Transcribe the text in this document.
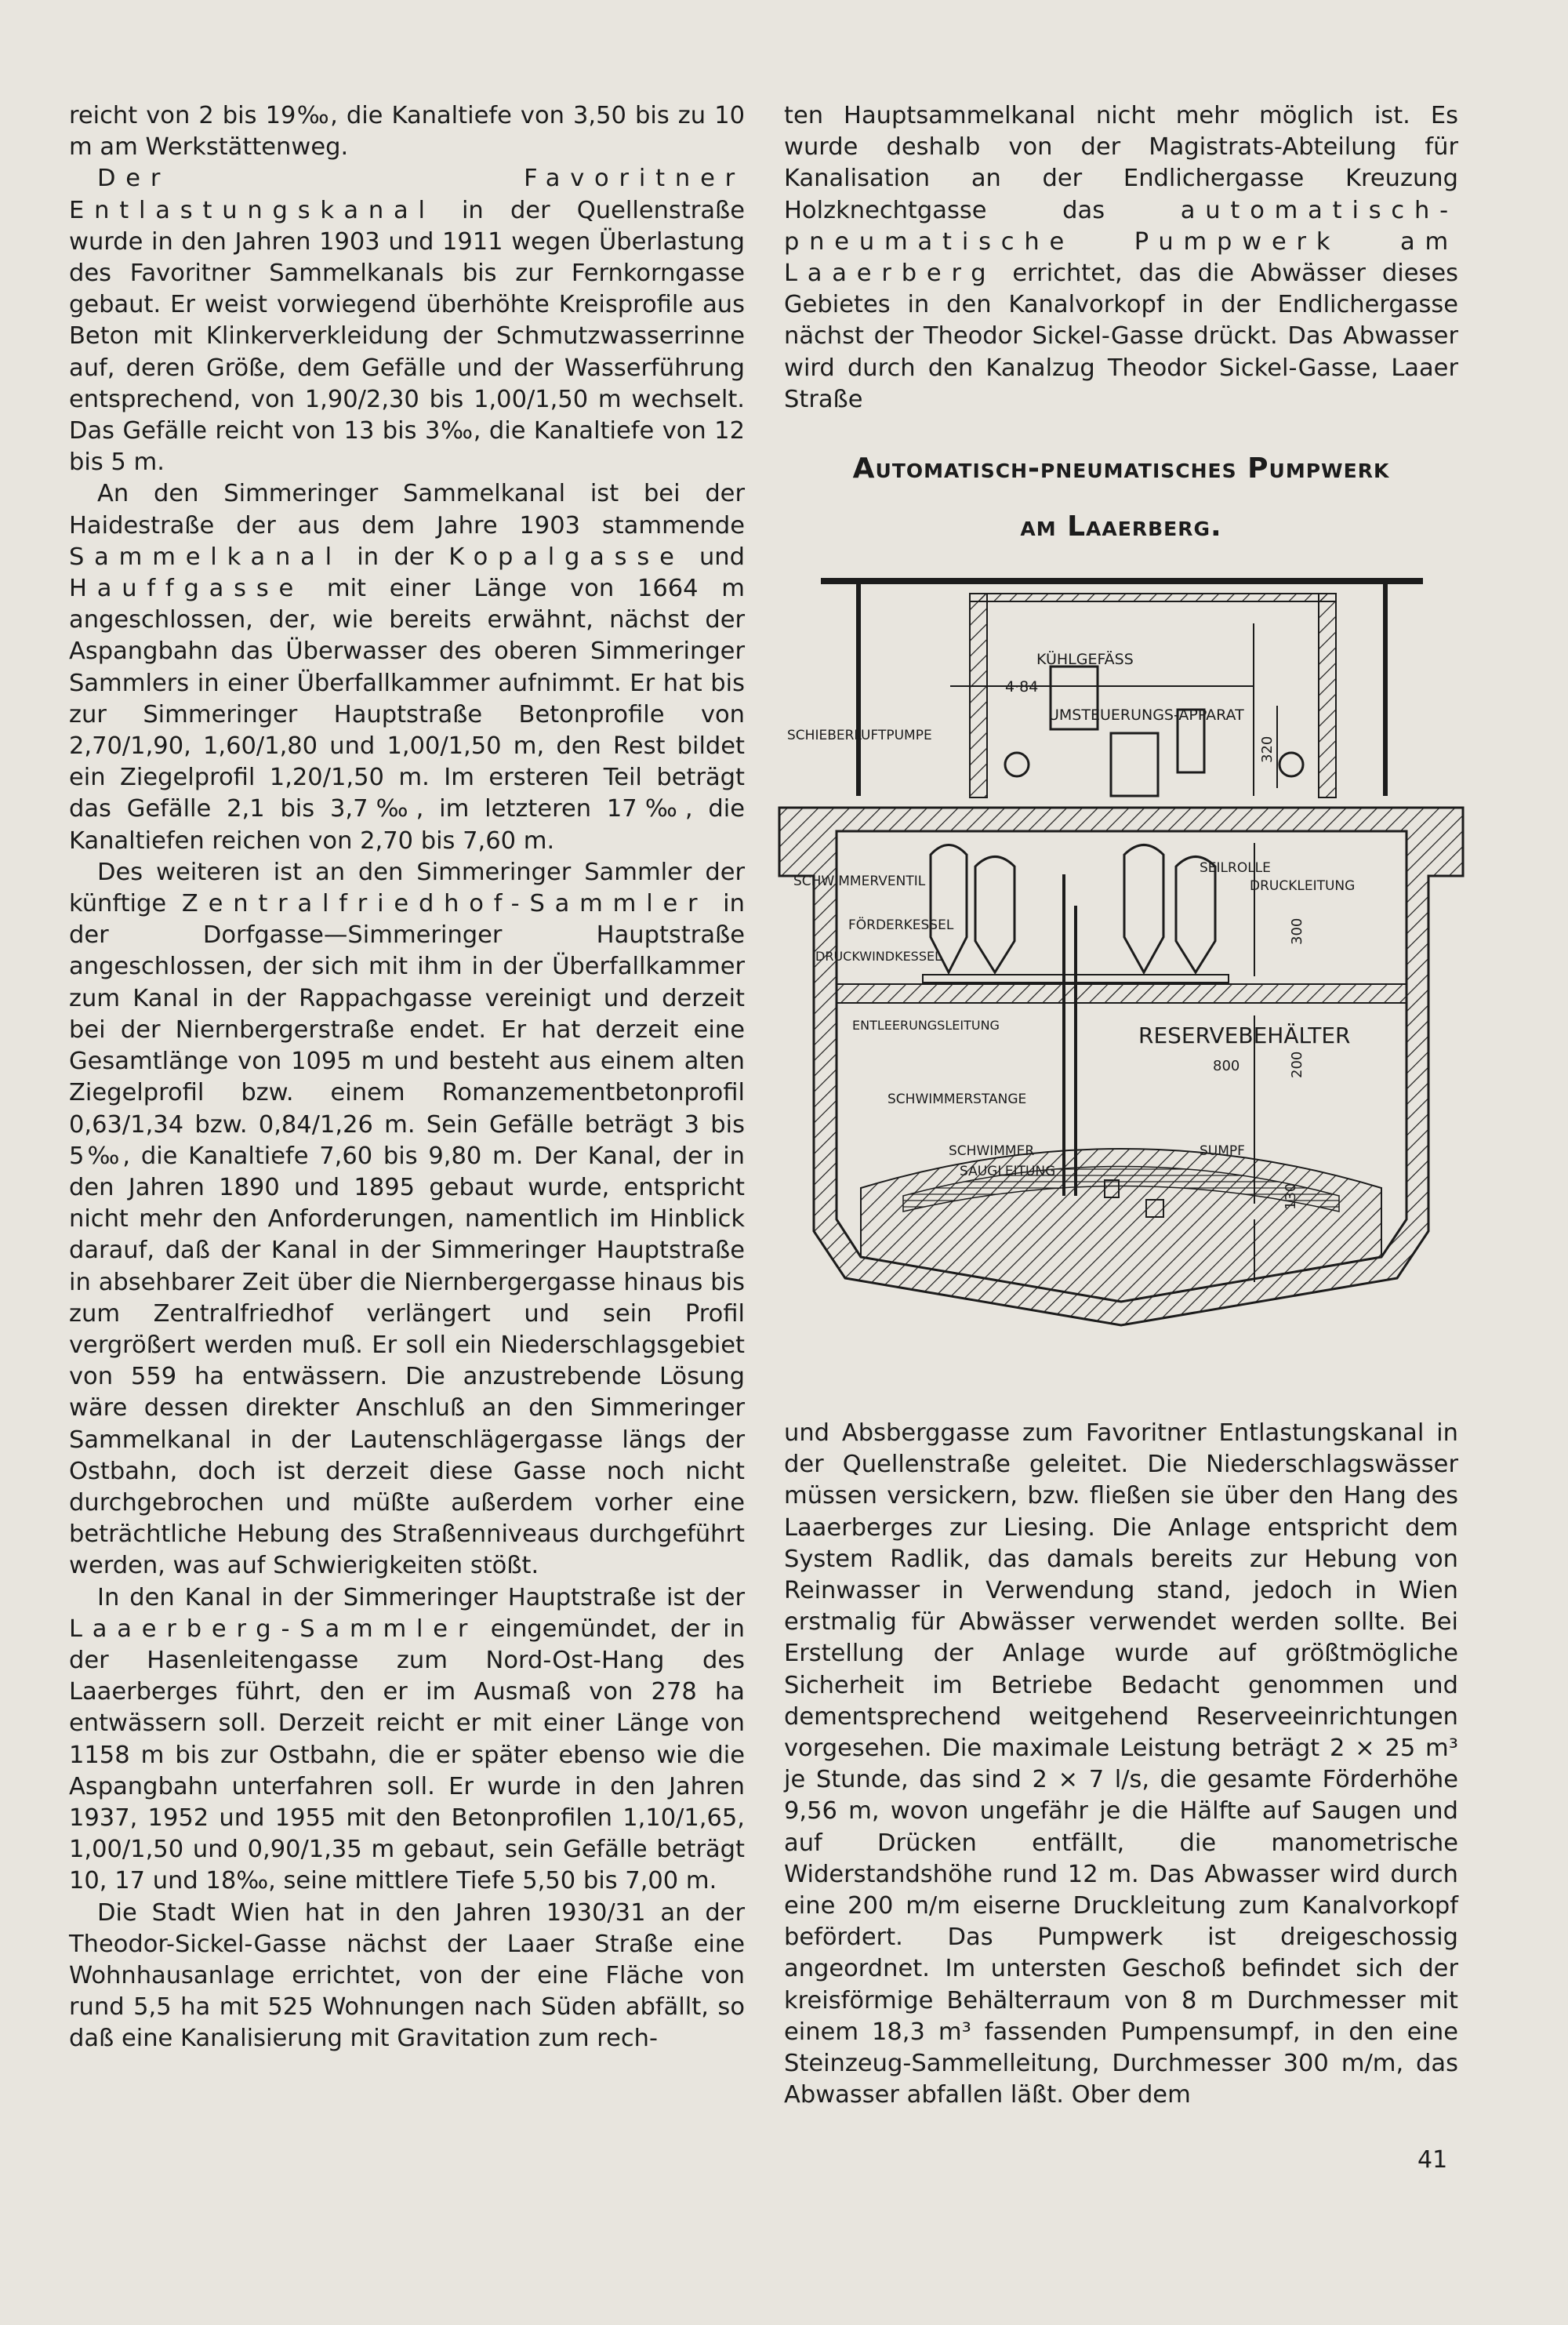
reicht von 2 bis 19‰, die Kanaltiefe von 3,50 bis zu 10 m am Werkstättenweg.

Der Favoritner Entlastungskanal in der Quellenstraße wurde in den Jahren 1903 und 1911 wegen Überlastung des Favoritner Sammelkanals bis zur Fernkorngasse gebaut. Er weist vorwiegend überhöhte Kreisprofile aus Beton mit Klinkerverkleidung der Schmutzwasserrinne auf, deren Größe, dem Gefälle und der Wasserführung entsprechend, von 1,90/2,30 bis 1,00/1,50 m wechselt. Das Gefälle reicht von 13 bis 3‰, die Kanaltiefe von 12 bis 5 m.

An den Simmeringer Sammelkanal ist bei der Haidestraße der aus dem Jahre 1903 stammende Sammelkanal in der Kopalgasse und Hauffgasse mit einer Länge von 1664 m angeschlossen, der, wie bereits erwähnt, nächst der Aspangbahn das Überwasser des oberen Simmeringer Sammlers in einer Überfallkammer aufnimmt. Er hat bis zur Simmeringer Hauptstraße Betonprofile von 2,70/1,90, 1,60/1,80 und 1,00/1,50 m, den Rest bildet ein Ziegelprofil 1,20/1,50 m. Im ersteren Teil beträgt das Gefälle 2,1 bis 3,7‰, im letzteren 17‰, die Kanaltiefen reichen von 2,70 bis 7,60 m.

Des weiteren ist an den Simmeringer Sammler der künftige Zentralfriedhof-Sammler in der Dorfgasse—Simmeringer Hauptstraße angeschlossen, der sich mit ihm in der Überfallkammer zum Kanal in der Rappachgasse vereinigt und derzeit bei der Niernbergerstraße endet. Er hat derzeit eine Gesamtlänge von 1095 m und besteht aus einem alten Ziegelprofil bzw. einem Romanzementbetonprofil 0,63/1,34 bzw. 0,84/1,26 m. Sein Gefälle beträgt 3 bis 5‰, die Kanaltiefe 7,60 bis 9,80 m. Der Kanal, der in den Jahren 1890 und 1895 gebaut wurde, entspricht nicht mehr den Anforderungen, namentlich im Hinblick darauf, daß der Kanal in der Simmeringer Hauptstraße in absehbarer Zeit über die Niernbergergasse hinaus bis zum Zentralfriedhof verlängert und sein Profil vergrößert werden muß. Er soll ein Niederschlagsgebiet von 559 ha entwässern. Die anzustrebende Lösung wäre dessen direkter Anschluß an den Simmeringer Sammelkanal in der Lautenschlägergasse längs der Ostbahn, doch ist derzeit diese Gasse noch nicht durchgebrochen und müßte außerdem vorher eine beträchtliche Hebung des Straßenniveaus durchgeführt werden, was auf Schwierigkeiten stößt.

In den Kanal in der Simmeringer Hauptstraße ist der Laaerberg-Sammler eingemündet, der in der Hasenleitengasse zum Nord-Ost-Hang des Laaerberges führt, den er im Ausmaß von 278 ha entwässern soll. Derzeit reicht er mit einer Länge von 1158 m bis zur Ostbahn, die er später ebenso wie die Aspangbahn unterfahren soll. Er wurde in den Jahren 1937, 1952 und 1955 mit den Betonprofilen 1,10/1,65, 1,00/1,50 und 0,90/1,35 m gebaut, sein Gefälle beträgt 10, 17 und 18‰, seine mittlere Tiefe 5,50 bis 7,00 m.

Die Stadt Wien hat in den Jahren 1930/31 an der Theodor-Sickel-Gasse nächst der Laaer Straße eine Wohnhausanlage errichtet, von der eine Fläche von rund 5,5 ha mit 525 Wohnungen nach Süden abfällt, so daß eine Kanalisierung mit Gravitation zum rech-

ten Hauptsammelkanal nicht mehr möglich ist. Es wurde deshalb von der Magistrats-Abteilung für Kanalisation an der Endlichergasse Kreuzung Holzknechtgasse das	automatisch-pneumatische Pumpwerk am Laaerberg errichtet, das die Abwässer dieses Gebietes in den Kanalvorkopf in der Endlichergasse nächst der Theodor Sickel-Gasse drückt. Das Abwasser wird durch den Kanalzug Theodor Sickel-Gasse, Laaer Straße

Automatisch-pneumatisches Pumpwerk
am Laaerberg.
KÜHLGEFÄSS
4·84
UMSTEUERUNGS-APPARAT
SCHIEBERLUFTPUMPE
320
SEILROLLE
SCHWIMMERVENTIL	DRUCKLEITUNG
FÖRDERKESSEL	300
DRUCKWINDKESSEL
ENTLEERUNGSLEITUNG	RESERVEBEHÄLTER
800	200
SCHWIMMERSTANGE
SCHWIMMER	SUMPF
SAUGLEITUNG
130

und Absberggasse zum Favoritner Entlastungskanal in der Quellenstraße geleitet. Die Niederschlagswässer müssen versickern, bzw. fließen sie über den Hang des Laaerberges zur Liesing. Die Anlage entspricht dem System Radlik, das damals bereits zur Hebung von Reinwasser in Verwendung stand, jedoch in Wien erstmalig für Abwässer verwendet werden sollte. Bei Erstellung der Anlage wurde auf größtmögliche Sicherheit im Betriebe Bedacht genommen und dementsprechend weitgehend Reserveeinrichtungen vorgesehen. Die maximale Leistung beträgt 2 × 25 m³ je Stunde, das sind 2 × 7 l/s, die gesamte Förderhöhe 9,56 m, wovon ungefähr je die Hälfte auf Saugen und auf Drücken entfällt, die manometrische Widerstandshöhe rund 12 m. Das Abwasser wird durch eine 200 m/m eiserne Druckleitung zum Kanalvorkopf befördert. Das Pumpwerk ist dreigeschossig angeordnet. Im untersten Geschoß befindet sich der kreisförmige Behälterraum von 8 m Durchmesser mit einem 18,3 m³ fassenden Pumpensumpf, in den eine Steinzeug-Sammelleitung, Durchmesser 300 m/m, das Abwasser abfallen läßt. Ober dem

41
